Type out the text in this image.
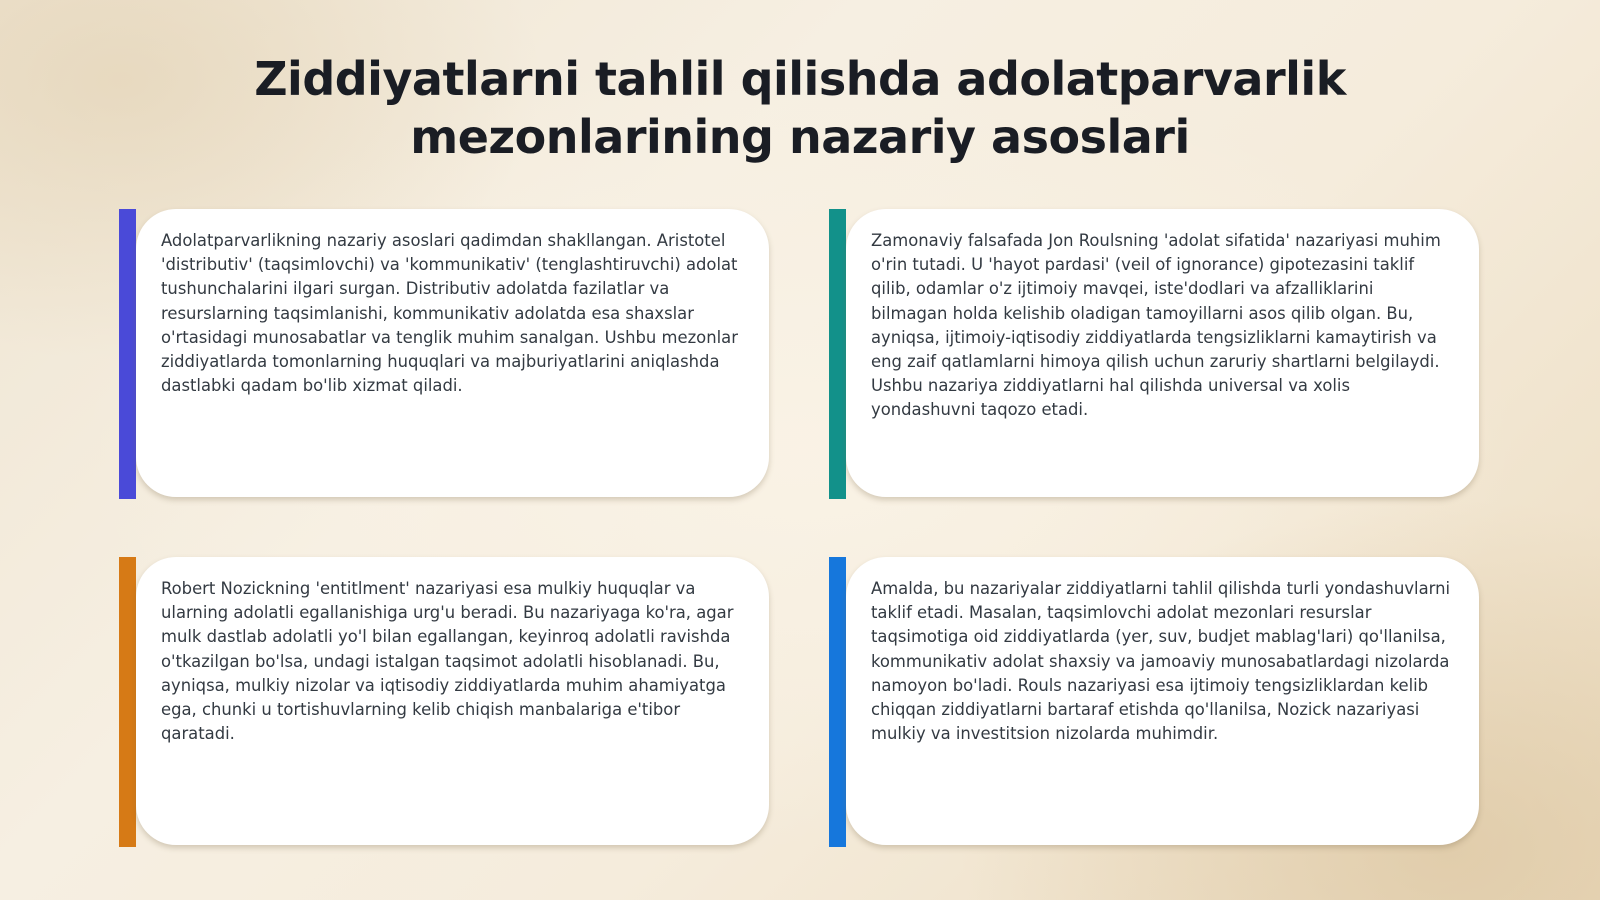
Ziddiyatlarni tahlil qilishda adolatparvarlik mezonlarining nazariy asoslari

Adolatparvarlikning nazariy asoslari qadimdan shakllangan. Aristotel 'distributiv' (taqsimlovchi) va 'kommunikativ' (tenglashtiruvchi) adolat tushunchalarini ilgari surgan. Distributiv adolatda fazilatlar va resurslarning taqsimlanishi, kommunikativ adolatda esa shaxslar o'rtasidagi munosabatlar va tenglik muhim sanalgan. Ushbu mezonlar ziddiyatlarda tomonlarning huquqlari va majburiyatlarini aniqlashda dastlabki qadam bo'lib xizmat qiladi.

Zamonaviy falsafada Jon Roulsning 'adolat sifatida' nazariyasi muhim o'rin tutadi. U 'hayot pardasi' (veil of ignorance) gipotezasini taklif qilib, odamlar o'z ijtimoiy mavqei, iste'dodlari va afzalliklarini bilmagan holda kelishib oladigan tamoyillarni asos qilib olgan. Bu, ayniqsa, ijtimoiy-iqtisodiy ziddiyatlarda tengsizliklarni kamaytirish va eng zaif qatlamlarni himoya qilish uchun zaruriy shartlarni belgilaydi. Ushbu nazariya ziddiyatlarni hal qilishda universal va xolis yondashuvni taqozo etadi.

Robert Nozickning 'entitlment' nazariyasi esa mulkiy huquqlar va ularning adolatli egallanishiga urg'u beradi. Bu nazariyaga ko'ra, agar mulk dastlab adolatli yo'l bilan egallangan, keyinroq adolatli ravishda o'tkazilgan bo'lsa, undagi istalgan taqsimot adolatli hisoblanadi. Bu, ayniqsa, mulkiy nizolar va iqtisodiy ziddiyatlarda muhim ahamiyatga ega, chunki u tortishuvlarning kelib chiqish manbalariga e'tibor qaratadi.

Amalda, bu nazariyalar ziddiyatlarni tahlil qilishda turli yondashuvlarni taklif etadi. Masalan, taqsimlovchi adolat mezonlari resurslar taqsimotiga oid ziddiyatlarda (yer, suv, budjet mablag'lari) qo'llanilsa, kommunikativ adolat shaxsiy va jamoaviy munosabatlardagi nizolarda namoyon bo'ladi. Rouls nazariyasi esa ijtimoiy tengsizliklardan kelib chiqqan ziddiyatlarni bartaraf etishda qo'llanilsa, Nozick nazariyasi mulkiy va investitsion nizolarda muhimdir.
